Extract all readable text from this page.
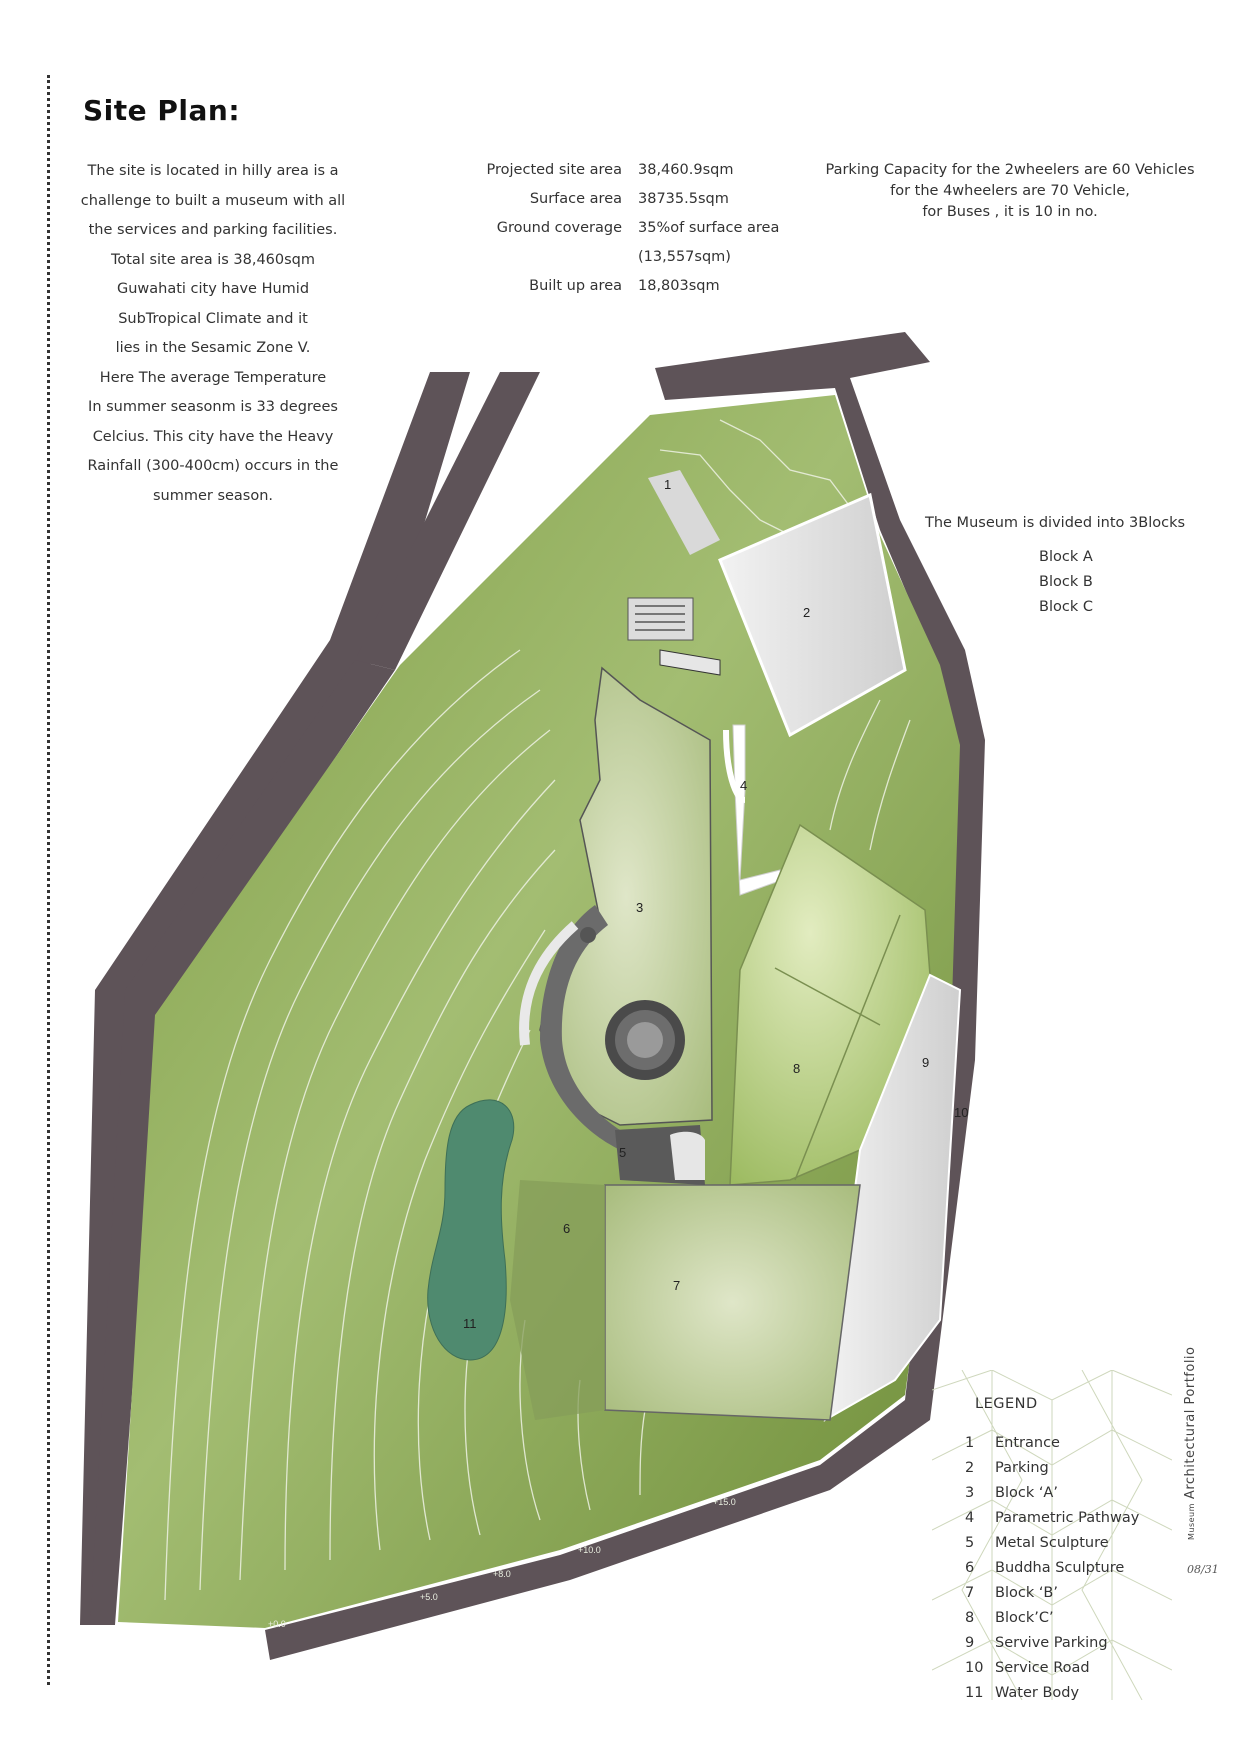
Site Plan:
The site is located in hilly area is a
challenge to built a museum with all
the services and parking facilities.
Total site area is 38,460sqm
Guwahati city have Humid
SubTropical Climate and it
lies in the Sesamic Zone V.
Here The average Temperature
In summer seasonm is 33 degrees
Celcius. This city have the Heavy
Rainfall (300-400cm) occurs in the
summer season.
Projected site area	38,460.9sqm
Surface area	38735.5sqm
Ground coverage	35%of surface area
(13,557sqm)
Built up area	18,803sqm
Parking Capacity for the 2wheelers are 60 Vehicles
for the 4wheelers are 70 Vehicle,
for Buses , it is 10 in no.
+0.0
+5.0
+8.0
+10.0
+15.0
1
2
3
4
5
6
7
8	9
10
11
The Museum is divided into 3Blocks
Block A
Block B
Block C
LEGEND
1	Entrance
2	Parking
3	Block ‘A’
4	Parametric Pathway
5	Metal Sculpture
6	Buddha Sculpture
7	Block ‘B’
8	Block’C’
9	Servive Parking
10 Service Road
11 Water Body
MuseumArchitectural Portfolio
08/31
